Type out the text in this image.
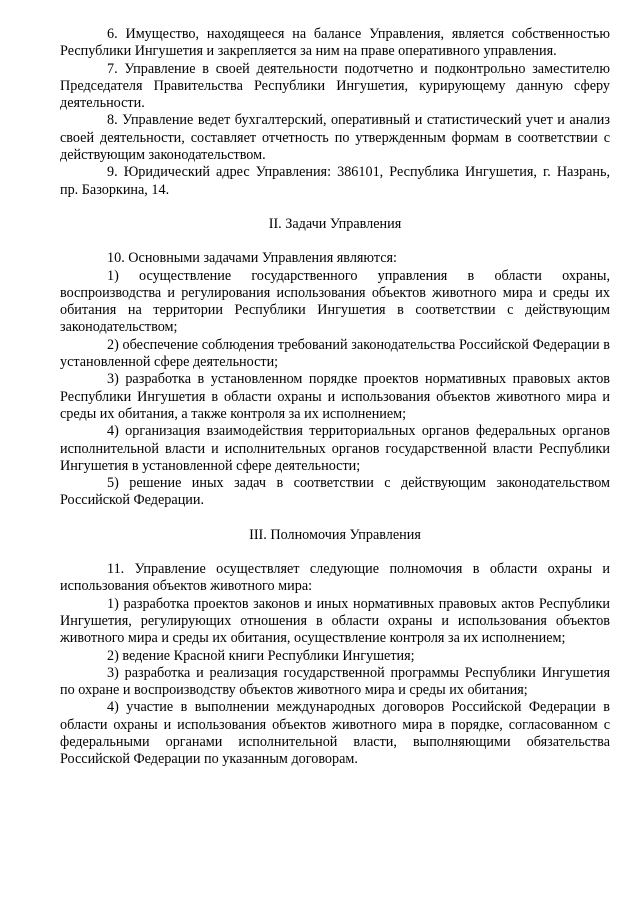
6. Имущество, находящееся на балансе Управления, является собственностью Республики Ингушетия и закрепляется за ним на праве оперативного управления.

7. Управление в своей деятельности подотчетно и подконтрольно заместителю Председателя Правительства Республики Ингушетия, курирующему данную сферу деятельности.

8. Управление ведет бухгалтерский, оперативный и статистический учет и анализ своей деятельности, составляет отчетность по утвержденным формам в соответствии с действующим законодательством.

9. Юридический адрес Управления: 386101, Республика Ингушетия, г. Назрань, пр. Базоркина, 14.

II. Задачи Управления

10. Основными задачами Управления являются:

1) осуществление государственного управления в области охраны, воспроизводства и регулирования использования объектов животного мира и среды их обитания на территории Республики Ингушетия в соответствии с действующим законодательством;

2) обеспечение соблюдения требований законодательства Российской Федерации в установленной сфере деятельности;

3) разработка в установленном порядке проектов нормативных правовых актов Республики Ингушетия в области охраны и использования объектов животного мира и среды их обитания, а также контроля за их исполнением;

4) организация взаимодействия территориальных органов федеральных органов исполнительной власти и исполнительных органов государственной власти Республики Ингушетия в установленной сфере деятельности;

5) решение иных задач в соответствии с действующим законодательством Российской Федерации.

III. Полномочия Управления

11. Управление осуществляет следующие полномочия в области охраны и использования объектов животного мира:

1) разработка проектов законов и иных нормативных правовых актов Республики Ингушетия, регулирующих отношения в области охраны и использования объектов животного мира и среды их обитания, осуществление контроля за их исполнением;

2) ведение Красной книги Республики Ингушетия;

3) разработка и реализация государственной программы Республики Ингушетия по охране и воспроизводству объектов животного мира и среды их обитания;

4) участие в выполнении международных договоров Российской Федерации в области охраны и использования объектов животного мира в порядке, согласованном с федеральными органами исполнительной власти, выполняющими обязательства Российской Федерации по указанным договорам.
